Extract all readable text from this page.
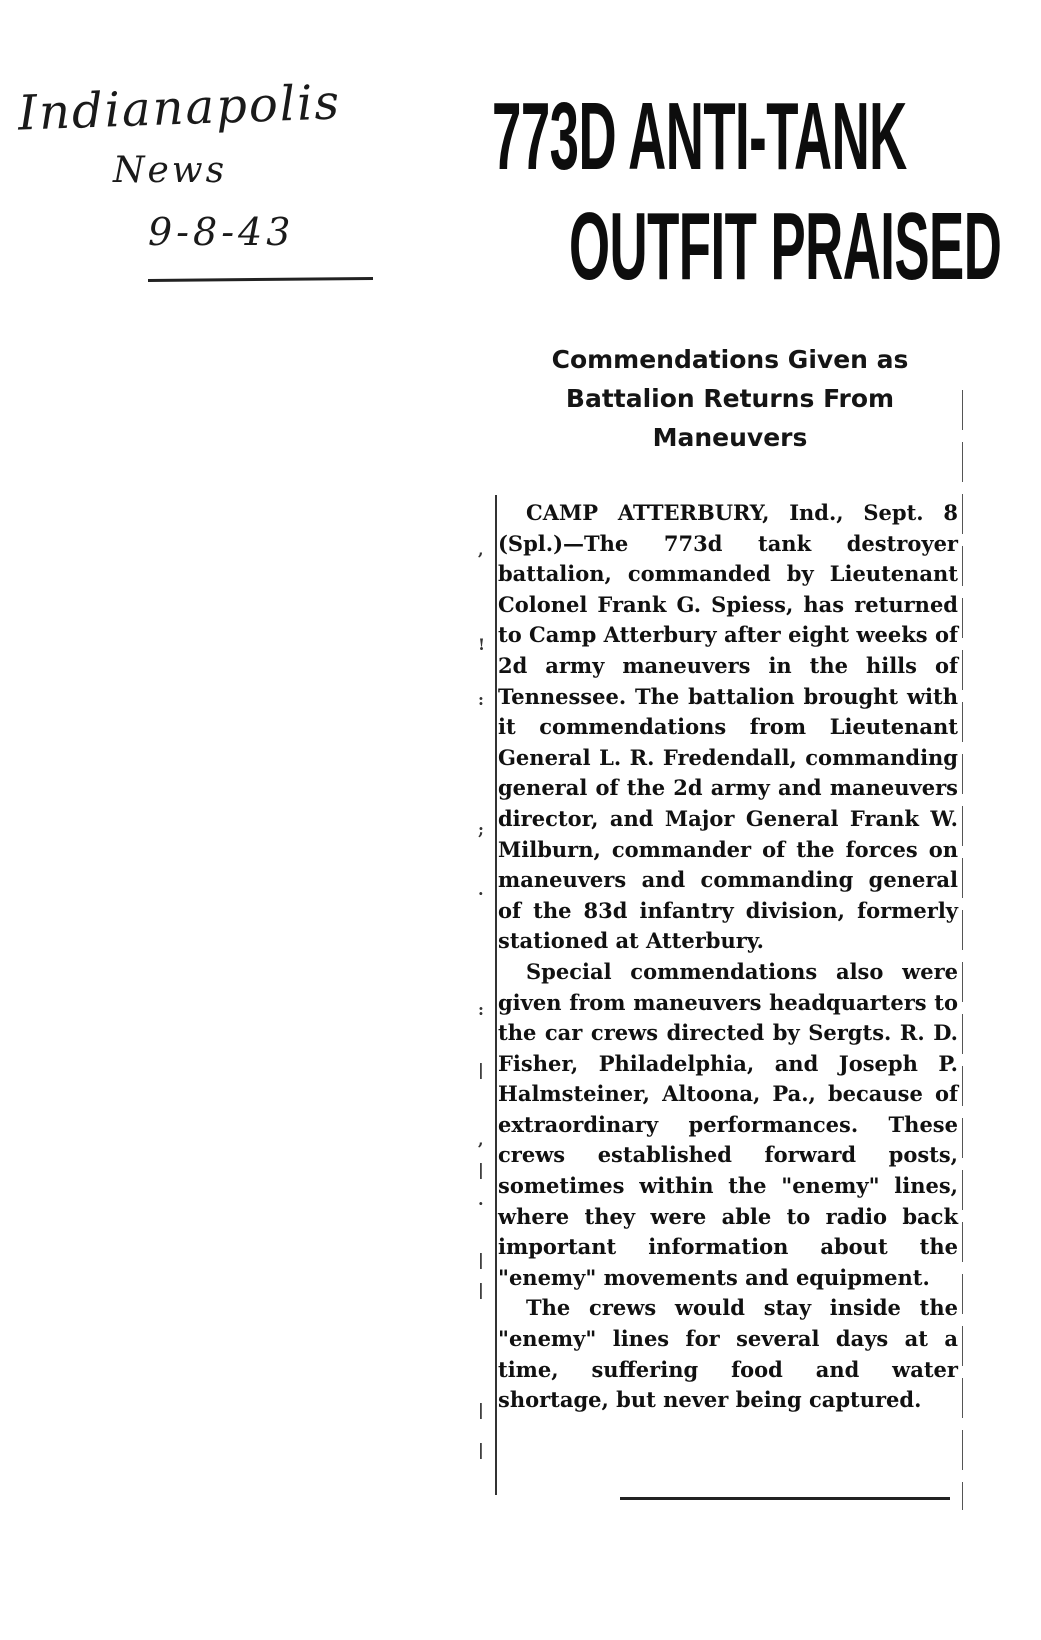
Indianapolis
News
9-8-43
773D ANTI-TANK
OUTFIT PRAISED
Commendations Given as Battalion Returns From Maneuvers

CAMP ATTERBURY, Ind., Sept. 8 (Spl.)—The 773d tank destroyer battalion, commanded by Lieutenant Colonel Frank G. Spiess, has returned to Camp Atterbury after eight weeks of 2d army maneuvers in the hills of Tennessee. The battalion brought with it commendations from Lieutenant General L. R. Fredendall, commanding general of the 2d army and maneuvers director, and Major General Frank W. Milburn, commander of the forces on maneuvers and commanding general of the 83d infantry division, formerly stationed at Atterbury.

Special commendations also were given from maneuvers headquarters to the car crews directed by Sergts. R. D. Fisher, Philadelphia, and Joseph P. Halmsteiner, Altoona, Pa., because of extraordinary performances. These crews established forward posts, sometimes within the "enemy" lines, where they were able to radio back important information about the "enemy" movements and equipment.

The crews would stay inside the "enemy" lines for several days at a time, suffering food and water shortage, but never being captured.

,
!
:
;
.
:
|
,
|
.
|
|
|
|
